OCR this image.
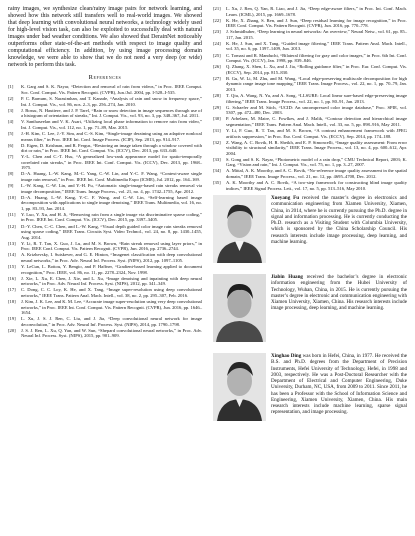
rainy images, we synthesize clean/rainy image pairs for network learning, and showed how this network still transfers well to real-world images. We showed that deep learning with convolutional neural networks, a technology widely used for high-level vision task, can also be exploited to successfully deal with natural images under bad weather conditions. We also showed that DerainNet noticeably outperforms other state-of-the-art methods with respect to image quality and computational efficiency. In addition, by using image processing domain knowledge, we were able to show that we do not need a very deep (or wide) network to perform this task.

References
[1]	K. Garg and S. K. Nayar, “Detection and removal of rain from videos,” in Proc. IEEE Comput. Soc. Conf. Comput. Vis. Pattern Recognit. (CVPR), Jun./Jul. 2004, pp. I-528–I-535.
[2]	P. C. Barnum, S. Narasimhan, and T. Kanade, “Analysis of rain and snow in frequency space,” Int. J. Comput. Vis., vol. 86, nos. 2–3, pp. 256–274, Jan. 2010.
[3]	J. Bossu, N. Hautiere, and J. P. Tarel, “Rain or snow detection in image sequences through use of a histogram of orientation of streaks,” Int. J. Comput. Vis., vol. 93, no. 3, pp. 348–367, Jul. 2011.
[4]	V. Santhaseelan and V. K. Asari, “Utilizing local phase information to remove rain from video,” Int. J. Comput. Vis., vol. 112, no. 1, pp. 71–89, Mar. 2015.
[5]	J.-H. Kim, C. Lee, J.-Y. Sim, and C.-S. Kim, “Single-image deraining using an adaptive nonlocal means filter,” in Proc. IEEE Int. Conf. Image Process. (ICIP), Sep. 2013, pp. 914–917.
[6]	D. Eigen, D. Krishnan, and R. Fergus, “Restoring an image taken through a window covered with dirt or rain,” in Proc. IEEE Int. Conf. Comput. Vis. (ICCV), Dec. 2013, pp. 633–640.
[7]	Y.-L. Chen and C.-T. Hsu, “A generalized low-rank appearance model for spatio-temporally correlated rain streaks,” in Proc. IEEE Int. Conf. Comput. Vis. (ICCV), Dec. 2013, pp. 1968–1975.
[8]	D.-A. Huang, L.-W. Kang, M.-C. Yang, C.-W. Lin, and Y.-C. F. Wang, “Context-aware single image rain removal,” in Proc. IEEE Int. Conf. Multimedia Expo (ICME), Jul. 2012, pp. 164–169.
[9]	L.-W. Kang, C.-W. Lin, and Y.-H. Fu, “Automatic single-image-based rain streaks removal via image decomposition,” IEEE Trans. Image Process., vol. 21, no. 4, pp. 1742–1755, Apr. 2012.
[10]	D.-A. Huang, L.-W. Kang, Y.-C. F. Wang, and C.-W. Lin, “Self-learning based image decomposition with applications to single image denoising,” IEEE Trans. Multimedia, vol. 16, no. 1, pp. 83–93, Jan. 2014.
[11]	Y. Luo, Y. Xu, and H. Ji, “Removing rain from a single image via discriminative sparse coding,” in Proc. IEEE Int. Conf. Comput. Vis. (ICCV), Dec. 2015, pp. 3397–3405.
[12]	D.-Y. Chen, C.-C. Chen, and L.-W. Kang, “Visual depth guided color image rain streaks removal using sparse coding,” IEEE Trans. Circuits Syst. Video Technol., vol. 24, no. 8, pp. 1430–1455, Aug. 2014.
[13]	Y. Li, R. T. Tan, X. Guo, J. Lu, and M. S. Brown, “Rain streak removal using layer priors,” in Proc. IEEE Conf. Comput. Vis. Pattern Recognit. (CVPR), Jun. 2016, pp. 2736–2744.
[14]	A. Krizhevsky, I. Sutskever, and G. E. Hinton, “Imagenet classification with deep convolutional neural networks,” in Proc. Adv. Neural Inf. Process. Syst. (NIPS), 2012, pp. 1097–1105.
[15]	Y. LeCun, L. Bottou, Y. Bengio, and P. Haffner, “Gradient-based learning applied to document recognition,” Proc. IEEE, vol. 86, no. 11, pp. 2278–2324, Nov. 1998.
[16]	J. Xie, L. Xu, E. Chen, J. Xie, and L. Xu, “Image denoising and inpainting with deep neural networks,” in Proc. Adv. Neural Inf. Process. Syst. (NIPS), 2012, pp. 341–349.
[17]	C. Dong, C. C. Loy, K. He, and X. Tang, “Image super-resolution using deep convolutional networks,” IEEE Trans. Pattern Anal. Mach. Intell., vol. 38, no. 2, pp. 295–307, Feb. 2016.
[18]	J. Kim, J. K. Lee, and K. M. Lee, “Accurate image super-resolution using very deep convolutional networks,” in Proc. IEEE Int. Conf. Comput. Vis. Pattern Recognit. (CVPR), Jun. 2016, pp. 1646–1654.
[19]	L. Xu, J. S. J. Ren, C. Liu, and J. Jia, “Deep convolutional neural network for image deconvolution,” in Proc. Adv. Neural Inf. Process. Syst. (NIPS), 2014, pp. 1790–1798.
[20]	J. S. J. Ren, L. Xu, Q. Yan, and W. Sun, “Shepard convolutional neural networks,” in Proc. Adv. Neural Inf. Process. Syst. (NIPS), 2015, pp. 901–909.
[21]	L. Xu, J. Ren, Q. Yan, R. Liao, and J. Jia, “Deep edge-aware filters,” in Proc. Int. Conf. Mach. Learn. (ICML), 2015, pp. 1669–1678.
[22]	K. He, X. Zhang, S. Ren, and J. Sun, “Deep residual learning for image recognition,” in Proc. IEEE Conf. Comput. Vis. Pattern Recognit. (CVPR), Jun. 2016, pp. 770–778.
[23]	J. Schmidhuber, “Deep learning in neural networks: An overview,” Neural Netw., vol. 61, pp. 85–117, Jan. 2015.
[24]	K. He, J. Sun, and X. Tang, “Guided image filtering,” IEEE Trans. Pattern Anal. Mach. Intell., vol. 35, no. 6, pp. 1397–1409, Jun. 2013.
[25]	C. Tomasi and R. Manduchi, “Bilateral filtering for gray and color images,” in Proc. 6th Int. Conf. Comput. Vis. (ICCV), Jan. 1998, pp. 839–846.
[26]	Q. Zhang, X. Shen, L. Xu, and J. Jia, “Rolling guidance filter,” in Proc. Eur. Conf. Comput. Vis. (ECCV), Sep. 2014, pp. 815–830.
[27]	B. Gu, W. Li, M. Zhu, and M. Wang, “Local edge-preserving multiscale decomposition for high dynamic range image tone mapping,” IEEE Trans. Image Process., vol. 22, no. 1, pp. 70–79, Jan. 2013.
[28]	T. Qiu, A. Wang, N. Yu, and A. Song, “LLSURE: Local linear sure-based edge-preserving image filtering,” IEEE Trans. Image Process., vol. 22, no. 1, pp. 80–91, Jan. 2013.
[29]	G. Schaefer and M. Stich, “UCID: An uncompressed color image database,” Proc. SPIE, vol. 5307, pp. 472–480, Dec. 2003.
[30]	P. Arbelaez, M. Maire, C. Fowlkes, and J. Malik, “Contour detection and hierarchical image segmentation,” IEEE Trans. Pattern Anal. Mach. Intell., vol. 33, no. 5, pp. 898–916, May 2011.
[31]	Y. Li, F. Guo, R. T. Tan, and M. S. Brown, “A contrast enhancement framework with JPEG artifacts suppression,” in Proc. Eur. Conf. Comput. Vis. (ECCV), Sep. 2014, pp. 174–188.
[32]	Z. Wang, A. C. Bovik, H. R. Sheikh, and E. P. Simoncelli, “Image quality assessment: From error visibility to structural similarity,” IEEE Trans. Image Process., vol. 13, no. 4, pp. 600–612, Apr. 2004.
[33]	S. Gong and S. K. Nayar, “Photometric model of a rain drop,” CMU Technical Report, 2003; K. Garg, “Vision and rain,” Int. J. Comput. Vis., vol. 75, no. 1, pp. 3–27, 2007.
[34]	A. Mittal, A. K. Moorthy, and A. C. Bovik, “No-reference image quality assessment in the spatial domain,” IEEE Trans. Image Process., vol. 21, no. 12, pp. 4695–4708, Dec. 2012.
[35]	A. K. Moorthy and A. C. Bovik, “A two-step framework for constructing blind image quality indices,” IEEE Signal Process. Lett., vol. 17, no. 5, pp. 513–516, May 2010.

Xueyang Fu received the master’s degree in electronics and communication engineering from Xiamen University, Xiamen, China, in 2014, where he is currently pursuing the Ph.D. degree in signal and information processing. He is currently conducting the Ph.D. research as a Visiting Student with Columbia University, which is sponsored by the China Scholarship Council. His research interests include image processing, deep learning, and machine learning.

Jiabin Huang received the bachelor’s degree in electronic information engineering from the Hubei University of Technology, Wuhan, China, in 2015. He is currently pursuing the master’s degree in electronic and communication engineering with Xiamen University, Xiamen, China. His research interests include image processing, deep learning, and machine learning.

Xinghao Ding was born in Hefei, China, in 1977. He received the B.S. and Ph.D. degrees from the Department of Precision Instruments, Hefei University of Technology, Hefei, in 1998 and 2003, respectively. He was a Post-Doctoral Researcher with the Department of Electrical and Computer Engineering, Duke University, Durham, NC, USA, from 2009 to 2011. Since 2011, he has been a Professor with the School of Information Science and Engineering, Xiamen University, Xiamen, China. His main research interests include machine learning, sparse signal representation, and image processing.
